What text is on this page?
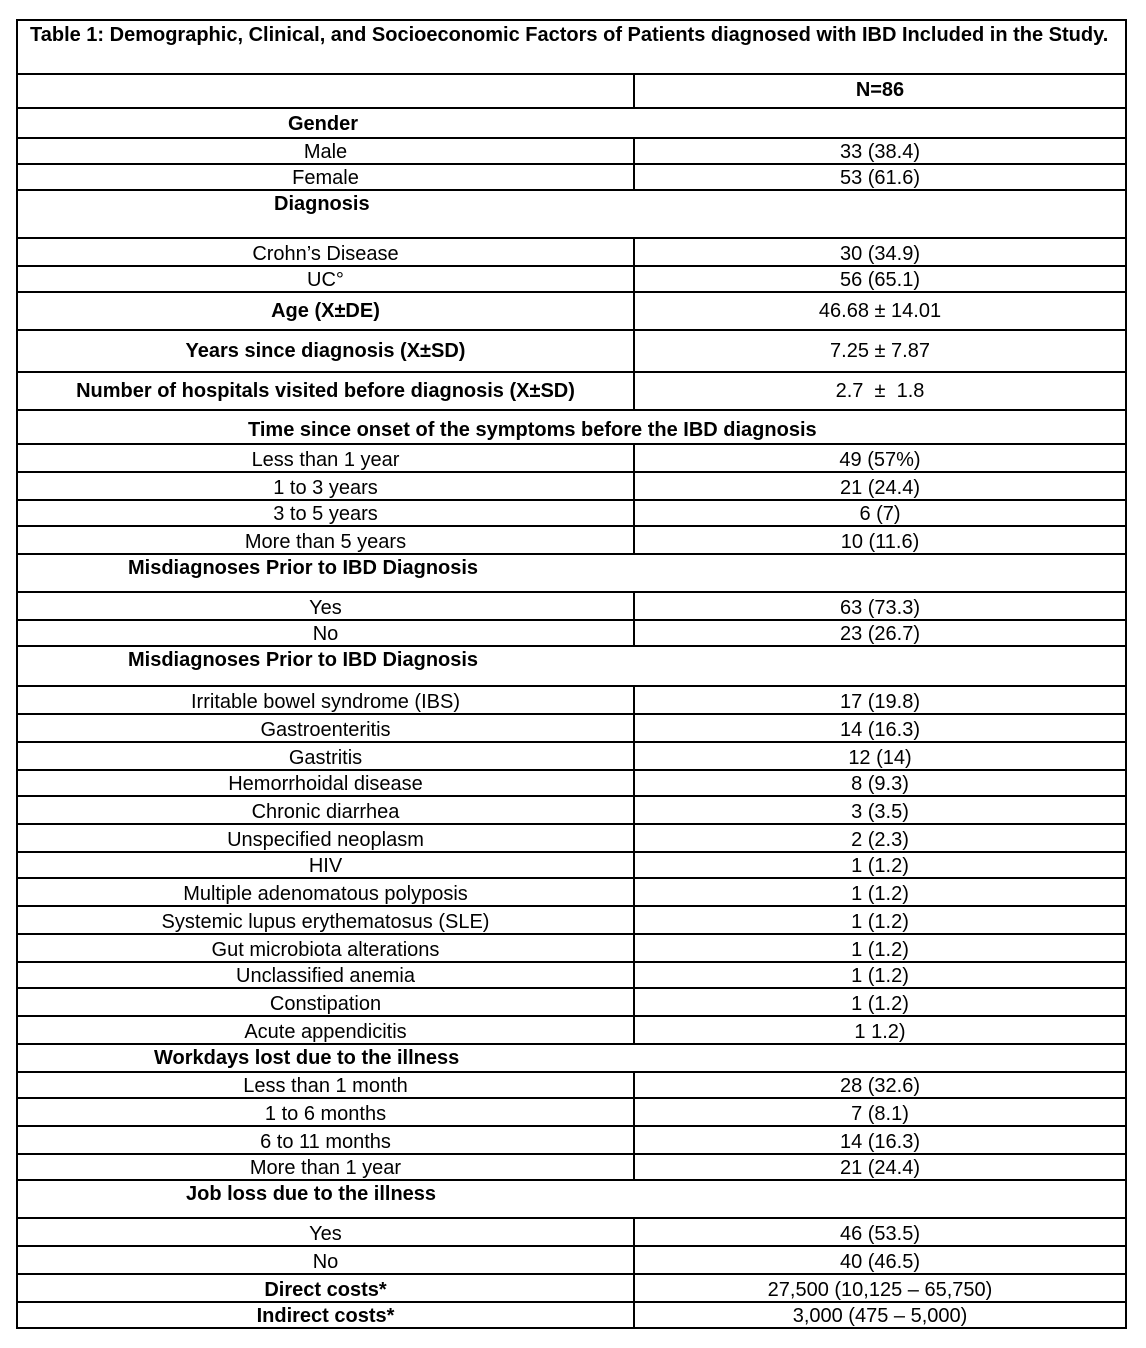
Table 1: Demographic, Clinical, and Socioeconomic Factors of Patients diagnosed with IBD Included in the Study.
N=86
Gender
Male	33 (38.4)
Female	53 (61.6)
Diagnosis
Crohn’s Disease	30 (34.9)
UC°	56 (65.1)
Age (X±DE)	46.68 ± 14.01
Years since diagnosis (X±SD)	7.25 ± 7.87
Number of hospitals visited before diagnosis (X±SD)	2.7  ±  1.8
Time since onset of the symptoms before the IBD diagnosis
Less than 1 year	49 (57%)
1 to 3 years	21 (24.4)
3 to 5 years	6 (7)
More than 5 years	10 (11.6)
Misdiagnoses Prior to IBD Diagnosis
Yes	63 (73.3)
No	23 (26.7)
Misdiagnoses Prior to IBD Diagnosis
Irritable bowel syndrome (IBS)	17 (19.8)
Gastroenteritis	14 (16.3)
Gastritis	12 (14)
Hemorrhoidal disease	8 (9.3)
Chronic diarrhea	3 (3.5)
Unspecified neoplasm	2 (2.3)
HIV	1 (1.2)
Multiple adenomatous polyposis	1 (1.2)
Systemic lupus erythematosus (SLE)	1 (1.2)
Gut microbiota alterations	1 (1.2)
Unclassified anemia	1 (1.2)
Constipation	1 (1.2)
Acute appendicitis	1 1.2)
Workdays lost due to the illness
Less than 1 month	28 (32.6)
1 to 6 months	7 (8.1)
6 to 11 months	14 (16.3)
More than 1 year	21 (24.4)
Job loss due to the illness
Yes	46 (53.5)
No	40 (46.5)
Direct costs*	27,500 (10,125 – 65,750)
Indirect costs*	3,000 (475 – 5,000)
